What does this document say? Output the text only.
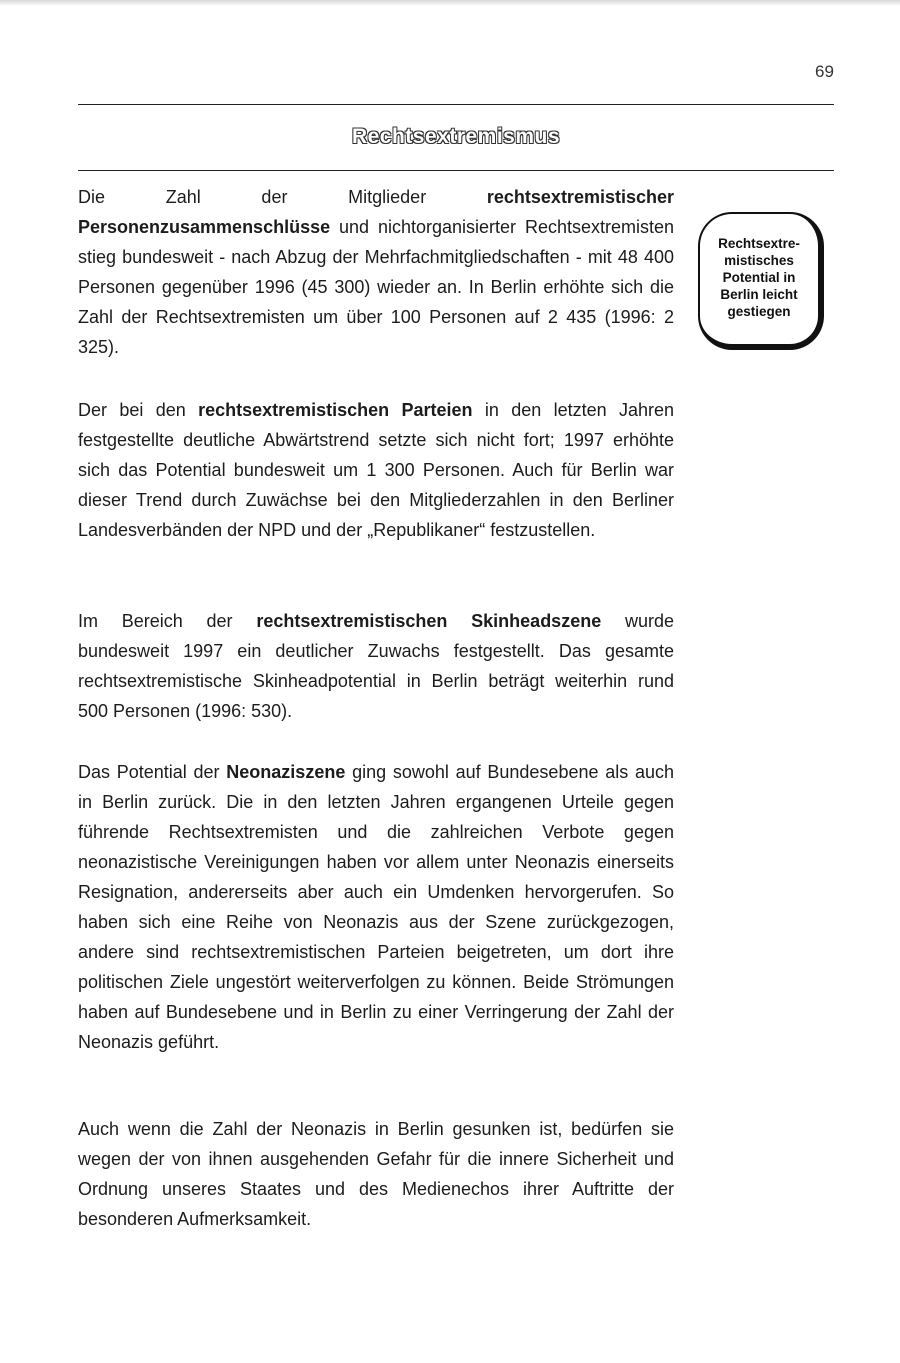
69
Rechtsextremismus

Die Zahl der Mitglieder rechtsextremistischer Personenzusammenschlüsse und nichtorganisierter Rechtsextremisten stieg bundesweit - nach Abzug der Mehrfachmitgliedschaften - mit 48 400 Personen gegenüber 1996 (45 300) wieder an. In Berlin erhöhte sich die Zahl der Rechtsextremisten um über 100 Personen auf 2 435 (1996: 2 325).

Rechtsextre-
mistisches
Potential in
Berlin leicht
gestiegen

Der bei den rechtsextremistischen Parteien in den letzten Jahren festgestellte deutliche Abwärtstrend setzte sich nicht fort; 1997 erhöhte sich das Potential bundesweit um 1 300 Personen. Auch für Berlin war dieser Trend durch Zuwächse bei den Mitgliederzahlen in den Berliner Landesverbänden der NPD und der „Republikaner“ festzustellen.

Im Bereich der rechtsextremistischen Skinheadszene wurde bundesweit 1997 ein deutlicher Zuwachs festgestellt. Das gesamte rechtsextremistische Skinheadpotential in Berlin beträgt weiterhin rund 500 Personen (1996: 530).

Das Potential der Neonaziszene ging sowohl auf Bundesebene als auch in Berlin zurück. Die in den letzten Jahren ergangenen Urteile gegen führende Rechtsextremisten und die zahlreichen Verbote gegen neonazistische Vereinigungen haben vor allem unter Neonazis einerseits Resignation, andererseits aber auch ein Umdenken hervorgerufen. So haben sich eine Reihe von Neonazis aus der Szene zurückgezogen, andere sind rechtsextremistischen Parteien beigetreten, um dort ihre politischen Ziele ungestört weiterverfolgen zu können. Beide Strömungen haben auf Bundesebene und in Berlin zu einer Verringerung der Zahl der Neonazis geführt.

Auch wenn die Zahl der Neonazis in Berlin gesunken ist, bedürfen sie wegen der von ihnen ausgehenden Gefahr für die innere Sicherheit und Ordnung unseres Staates und des Medienechos ihrer Auftritte der besonderen Aufmerksamkeit.
